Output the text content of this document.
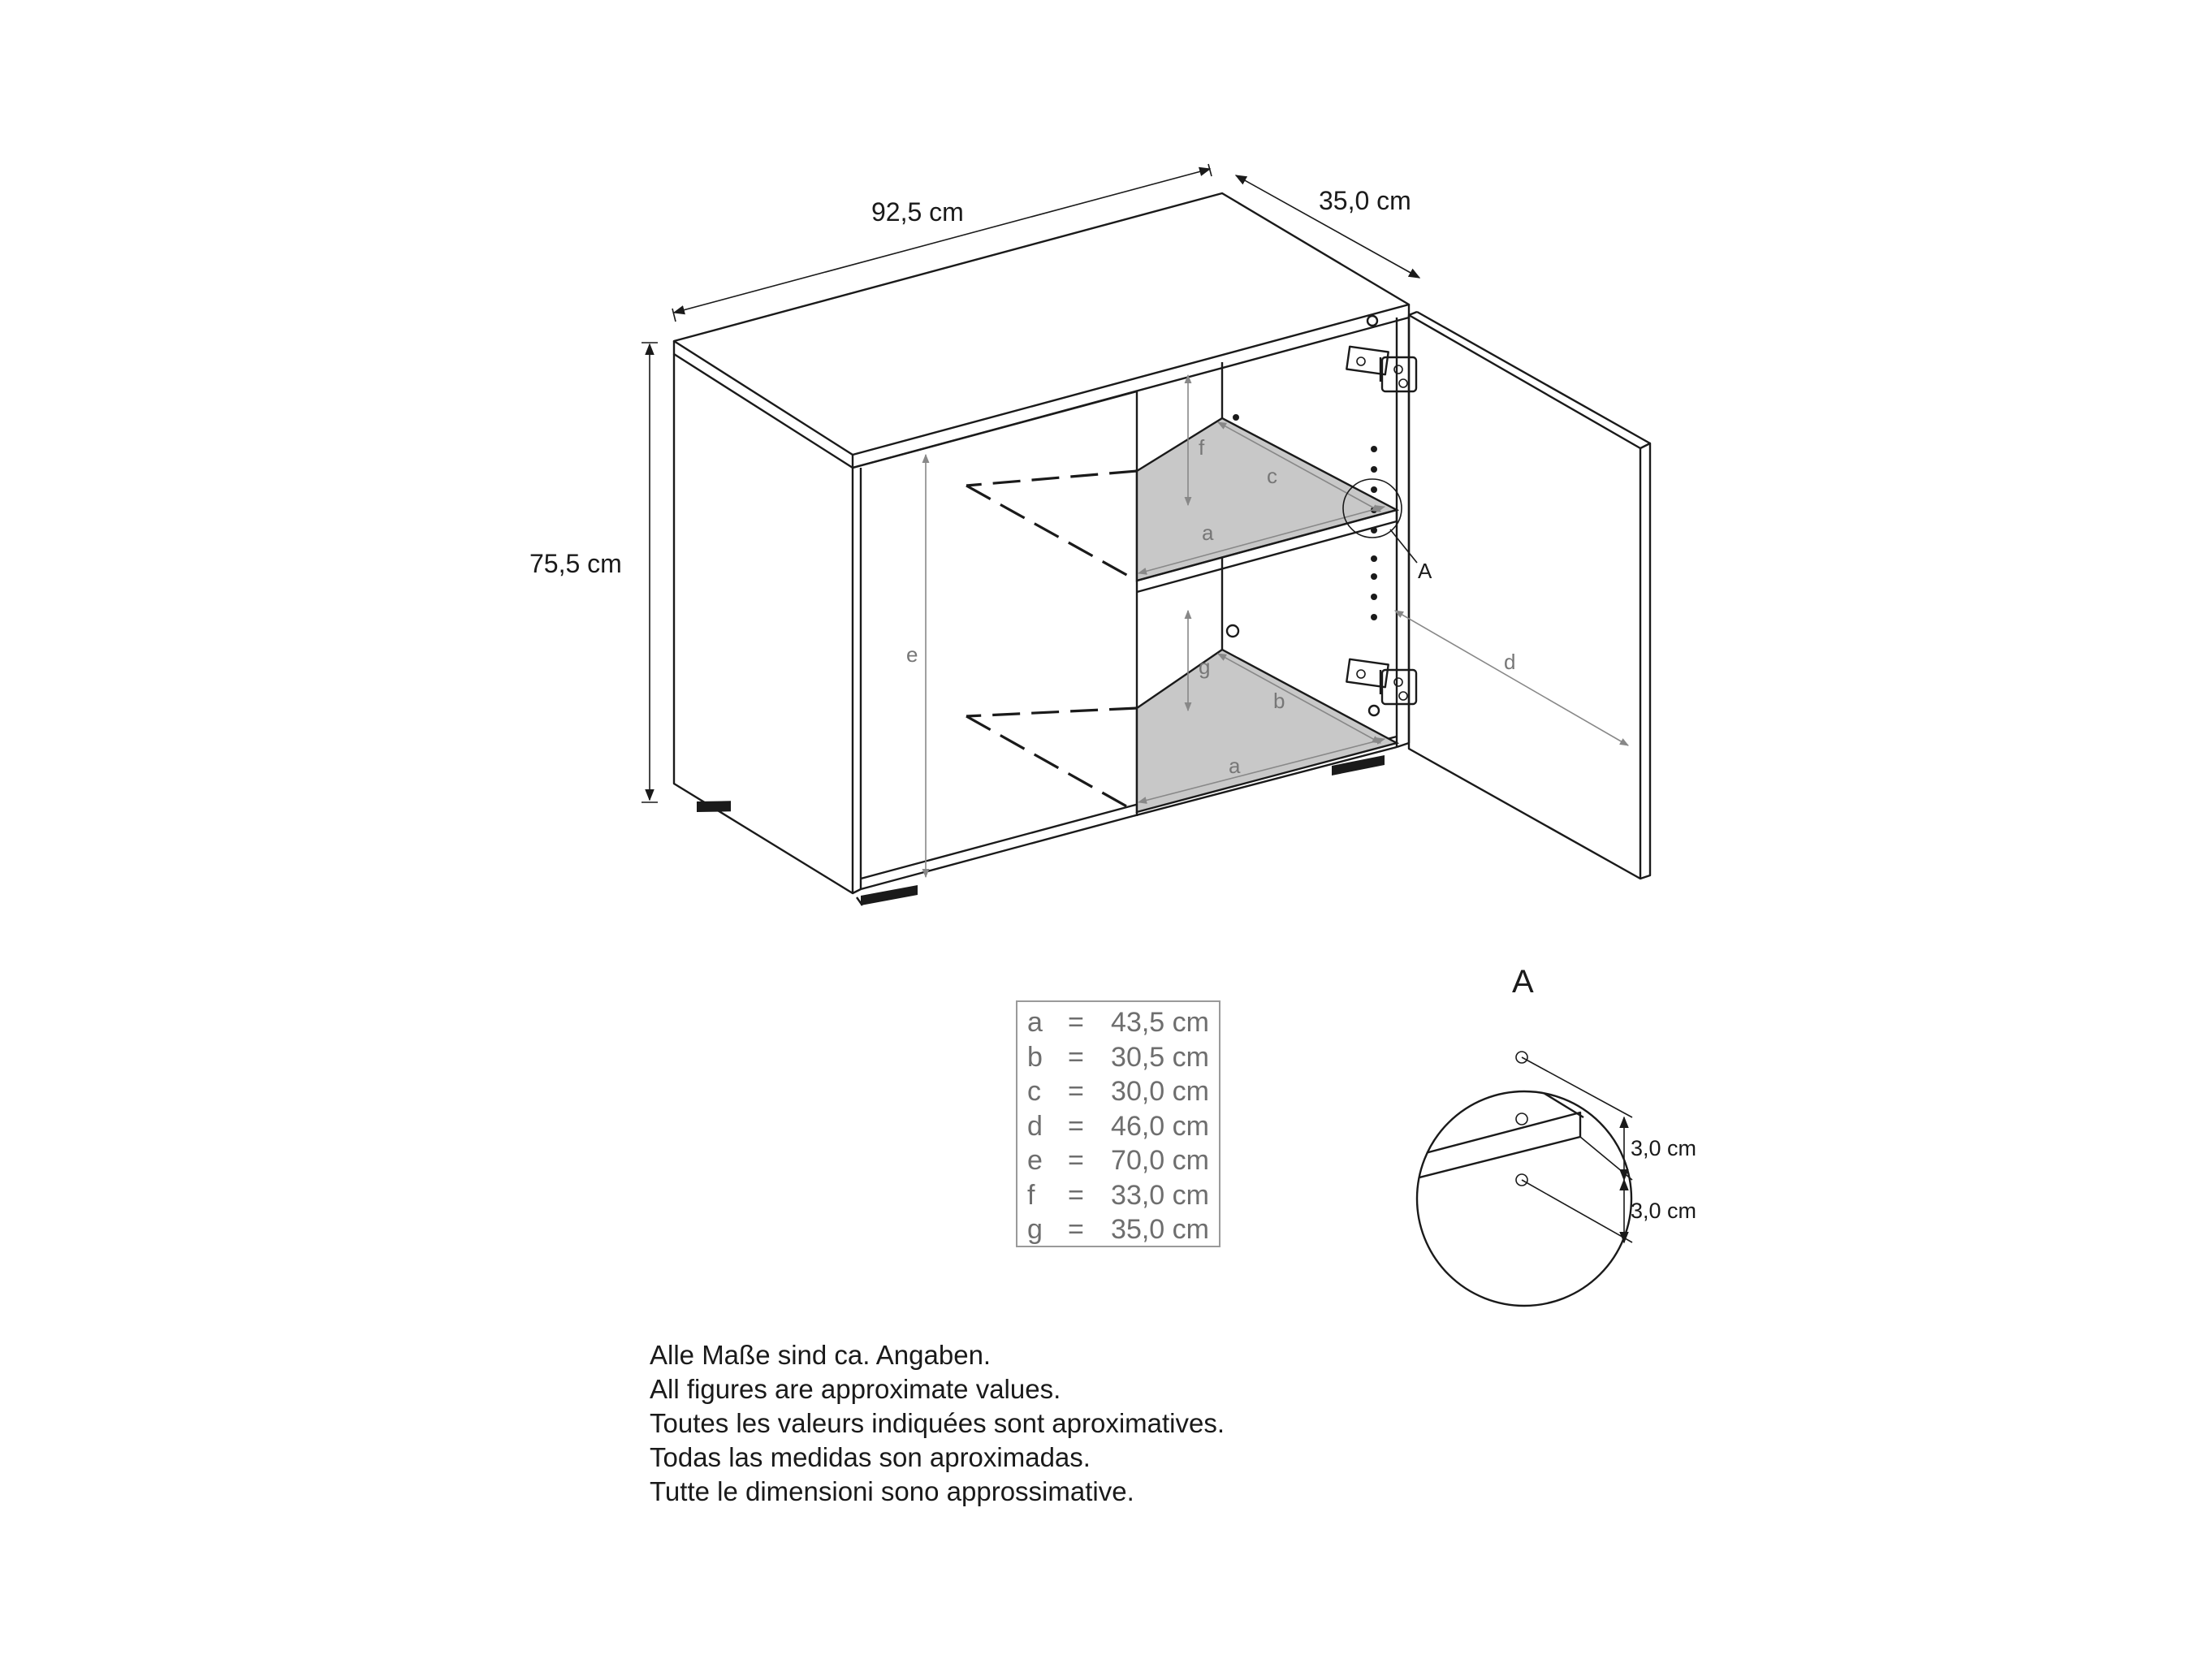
92,5 cm	35,0 cm
75,5 cm
e
f
g
c
a
b
a
d
A
A
3,0 cm
3,0 cm
a = 43,5 cm
b = 30,5 cm
c = 30,0 cm
d = 46,0 cm
e = 70,0 cm
f = 33,0 cm
g = 35,0 cm
Alle Maße sind ca. Angaben.
All figures are approximate values.
Toutes les valeurs indiquées sont aproximatives.
Todas las medidas son aproximadas.
Tutte le dimensioni sono approssimative.
